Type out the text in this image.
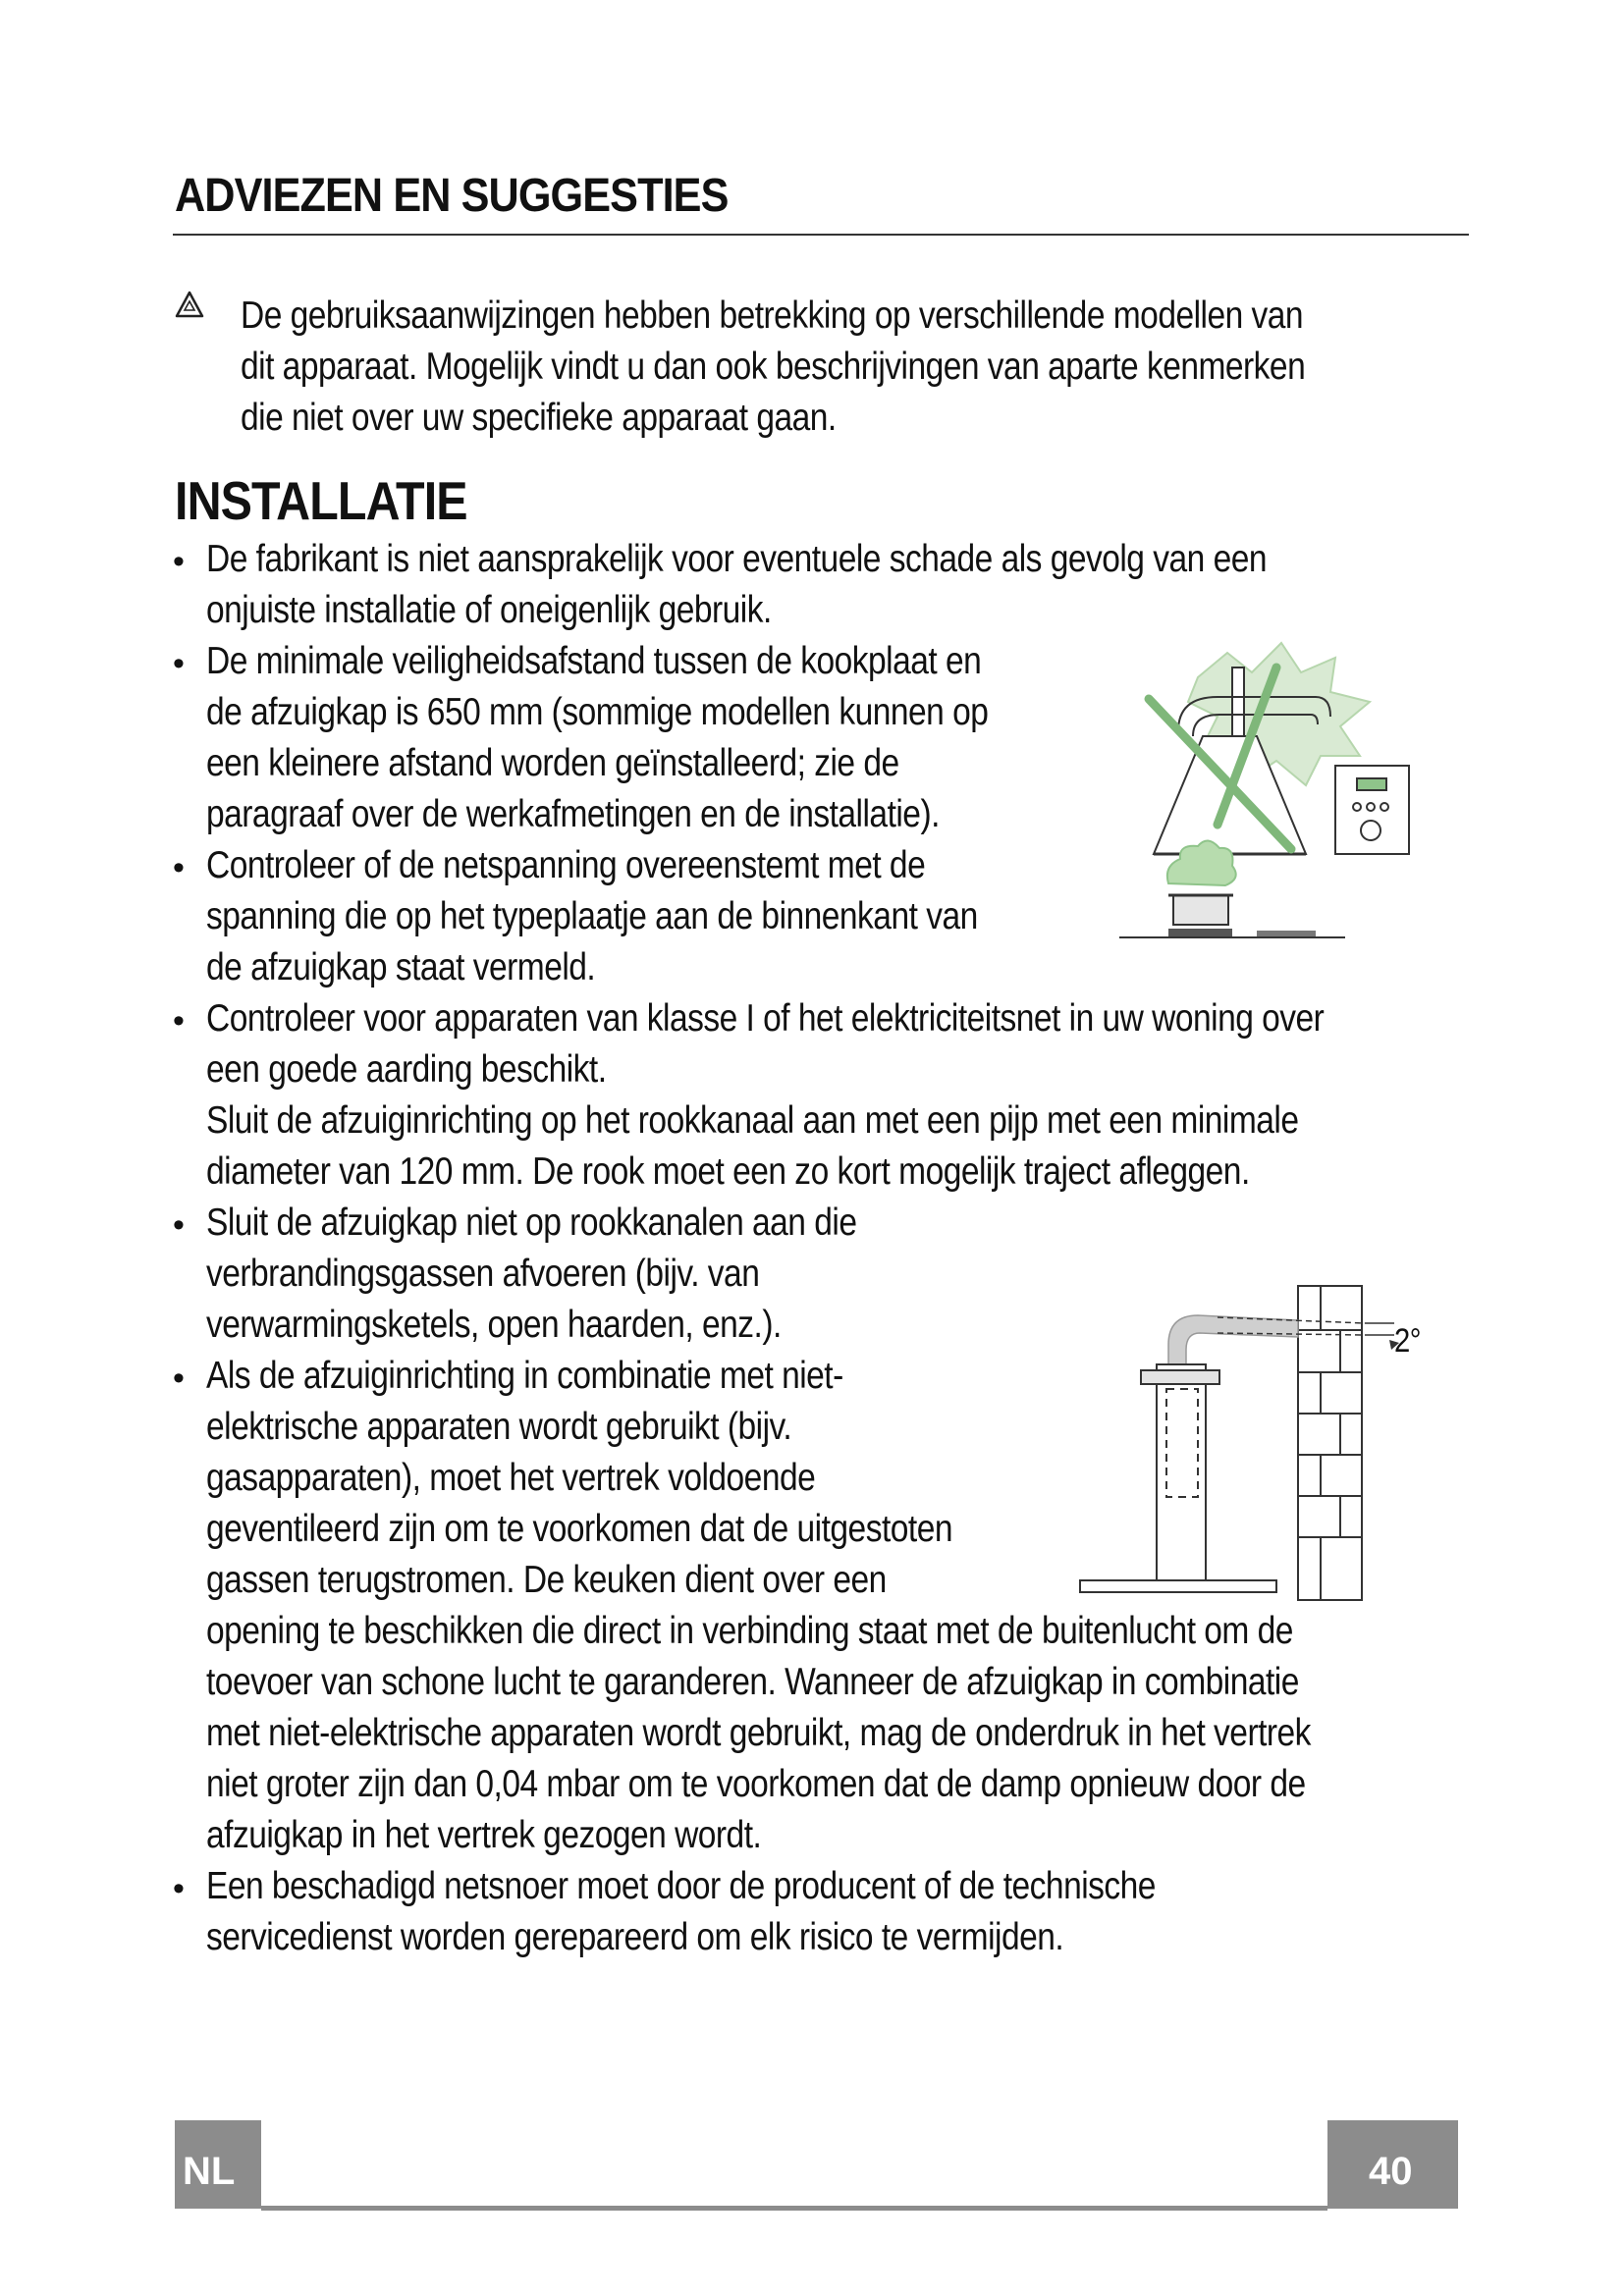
ADVIEZEN EN SUGGESTIES
De gebruiksaanwijzingen hebben betrekking op verschillende modellen van
dit apparaat. Mogelijk vindt u dan ook beschrijvingen van aparte kenmerken
die niet over uw specifieke apparaat gaan.
INSTALLATIE
• De fabrikant is niet aansprakelijk voor eventuele schade als gevolg van een
onjuiste installatie of oneigenlijk gebruik.
• De minimale veiligheidsafstand tussen de kookplaat en
de afzuigkap is 650 mm (sommige modellen kunnen op
een kleinere afstand worden geïnstalleerd; zie de
paragraaf over de werkafmetingen en de installatie).
• Controleer of de netspanning overeenstemt met de
spanning die op het typeplaatje aan de binnenkant van
de afzuigkap staat vermeld.
• Controleer voor apparaten van klasse I of het elektriciteitsnet in uw woning over
een goede aarding beschikt.
Sluit de afzuiginrichting op het rookkanaal aan met een pijp met een minimale
diameter van 120 mm. De rook moet een zo kort mogelijk traject afleggen.
• Sluit de afzuigkap niet op rookkanalen aan die
verbrandingsgassen afvoeren (bijv. van
verwarmingsketels, open haarden, enz.).
• Als de afzuiginrichting in combinatie met niet-
elektrische apparaten wordt gebruikt (bijv.
gasapparaten), moet het vertrek voldoende
geventileerd zijn om te voorkomen dat de uitgestoten
gassen terugstromen. De keuken dient over een
opening te beschikken die direct in verbinding staat met de buitenlucht om de
toevoer van schone lucht te garanderen. Wanneer de afzuigkap in combinatie
met niet-elektrische apparaten wordt gebruikt, mag de onderdruk in het vertrek
niet groter zijn dan 0,04 mbar om te voorkomen dat de damp opnieuw door de
afzuigkap in het vertrek gezogen wordt.
• Een beschadigd netsnoer moet door de producent of de technische
servicedienst worden gerepareerd om elk risico te vermijden.
2°
NL	40
